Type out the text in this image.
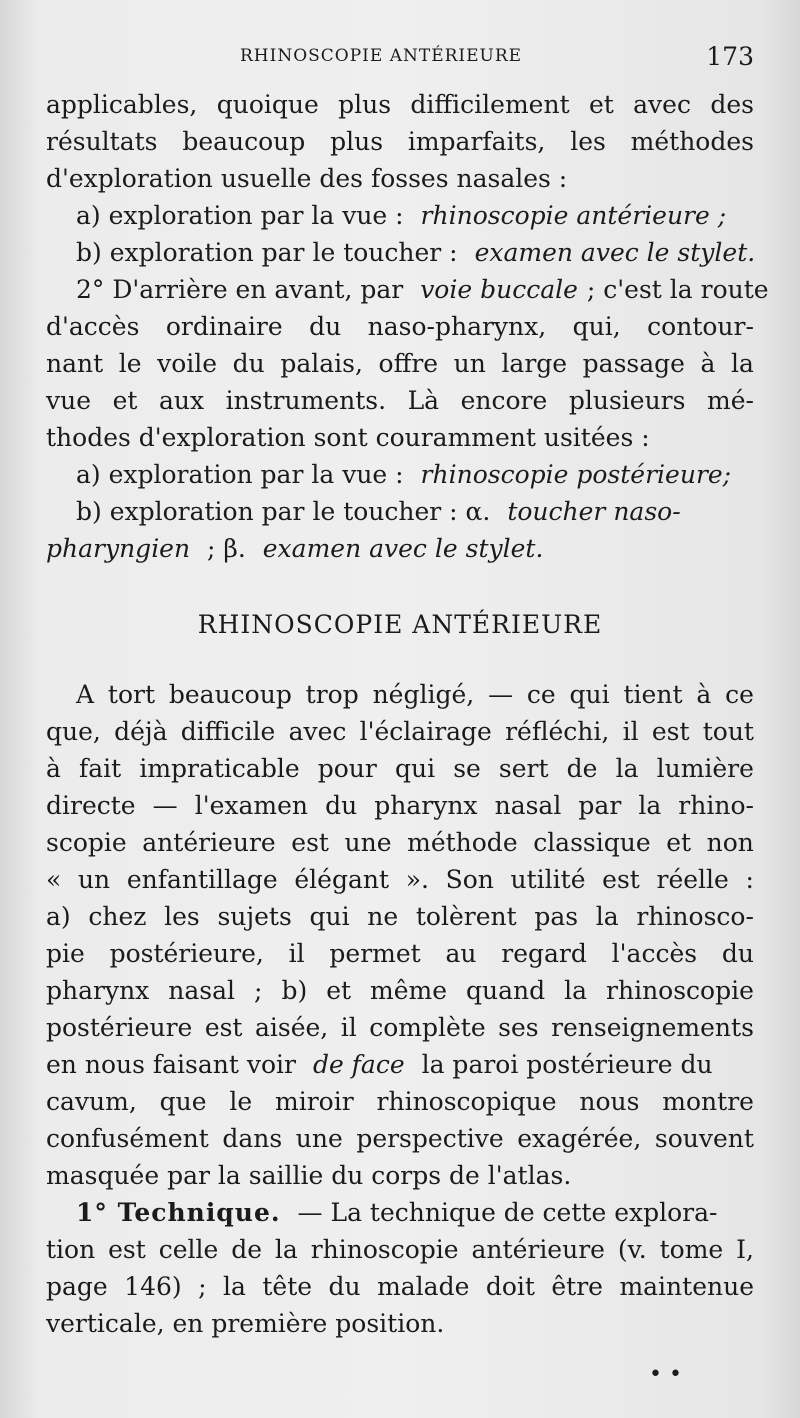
RHINOSCOPIE ANTÉRIEURE	173
applicables, quoique plus difficilement et avec des
résultats beaucoup plus imparfaits, les méthodes
d'exploration usuelle des fosses nasales :
a) exploration par la vue : rhinoscopie antérieure ;
b) exploration par le toucher : examen avec le stylet.
2° D'arrière en avant, par voie buccale ; c'est la route
d'accès ordinaire du naso-pharynx, qui, contour-
nant le voile du palais, offre un large passage à la
vue et aux instruments. Là encore plusieurs mé-
thodes d'exploration sont couramment usitées :
a) exploration par la vue : rhinoscopie postérieure;
b) exploration par le toucher : α. toucher naso-
pharyngien ; β. examen avec le stylet.
RHINOSCOPIE ANTÉRIEURE
A tort beaucoup trop négligé, — ce qui tient à ce
que, déjà difficile avec l'éclairage réfléchi, il est tout
à fait impraticable pour qui se sert de la lumière
directe — l'examen du pharynx nasal par la rhino-
scopie antérieure est une méthode classique et non
« un enfantillage élégant ». Son utilité est réelle :
a) chez les sujets qui ne tolèrent pas la rhinosco-
pie postérieure, il permet au regard l'accès du
pharynx nasal ; b) et même quand la rhinoscopie
postérieure est aisée, il complète ses renseignements
en nous faisant voir de face la paroi postérieure du
cavum, que le miroir rhinoscopique nous montre
confusément dans une perspective exagérée, souvent
masquée par la saillie du corps de l'atlas.
1° Technique. — La technique de cette explora-
tion est celle de la rhinoscopie antérieure (v. tome I,
page 146) ; la tête du malade doit être maintenue
verticale, en première position.
• •
